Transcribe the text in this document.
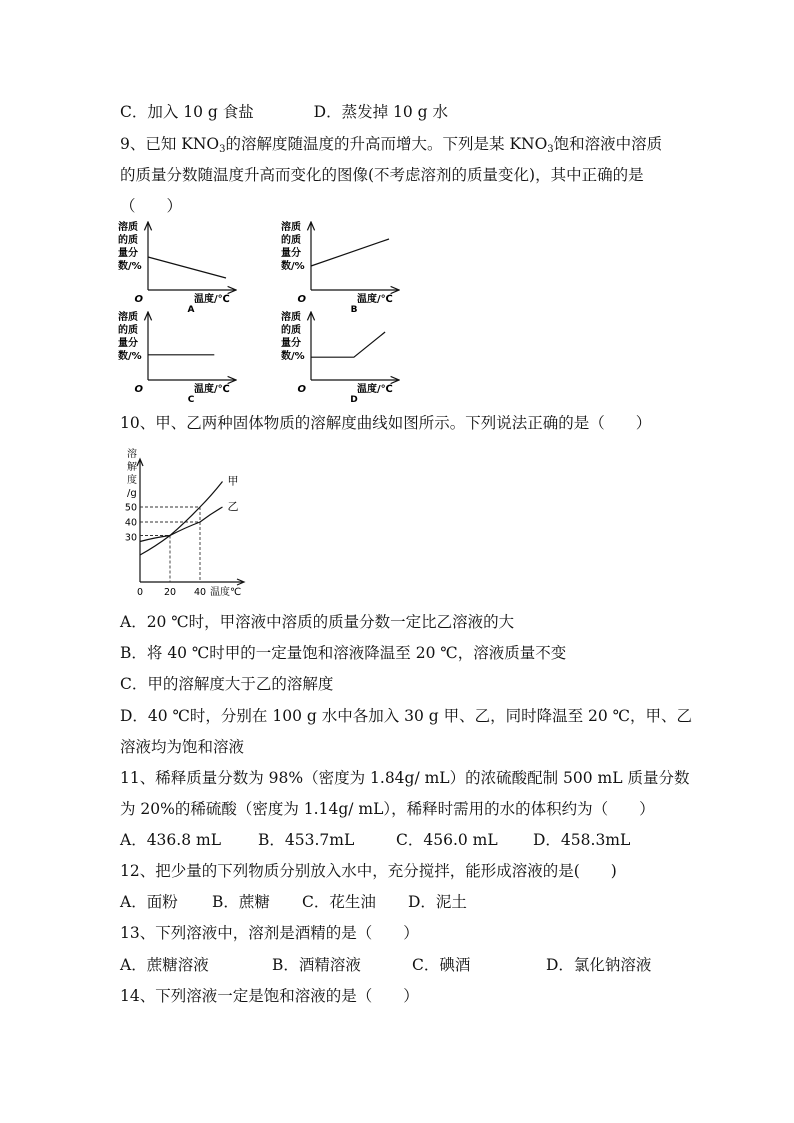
C．加入 10 g 食盐	D．蒸发掉 10 g 水
9、已知 $KNO_3$的溶解度随温度的升高而增大。下列是某 $KNO_3$饱和溶液中溶质
的质量分数随温度升高而变化的图像(不考虑溶剂的质量变化)，其中正确的是
（　　）
溶质
的质
量分
数/%
O	温度/℃
A
溶质
的质
量分
数/%
O	温度/℃
B
溶质
的质
量分
数/%
O	温度/℃
C
溶质
的质
量分
数/%
O	温度/℃
D
10、甲、乙两种固体物质的溶解度曲线如图所示。下列说法正确的是（　　）
溶
解
度
/g
30
40
50
0 20 40 温度℃
甲
乙
A．20 ℃时，甲溶液中溶质的质量分数一定比乙溶液的大
B．将 40 ℃时甲的一定量饱和溶液降温至 20 ℃，溶液质量不变
C．甲的溶解度大于乙的溶解度
D．40 ℃时，分别在 100 g 水中各加入 30 g 甲、乙，同时降温至 20 ℃，甲、乙
溶液均为饱和溶液
11、稀释质量分数为 98%（密度为 1.84g/ mL）的浓硫酸配制 500 mL 质量分数
为 20%的稀硫酸（密度为 1.14g/ mL），稀释时需用的水的体积约为（　　）
A．436.8 mL B．453.7mL	C．456.0 mL D．458.3mL
12、把少量的下列物质分别放入水中，充分搅拌，能形成溶液的是(　　)
A．面粉 B．蔗糖 C．花生油 D．泥土
13、下列溶液中，溶剂是酒精的是（　　）
A．蔗糖溶液	B．酒精溶液	C．碘酒	D．氯化钠溶液
14、下列溶液一定是饱和溶液的是（　　）
